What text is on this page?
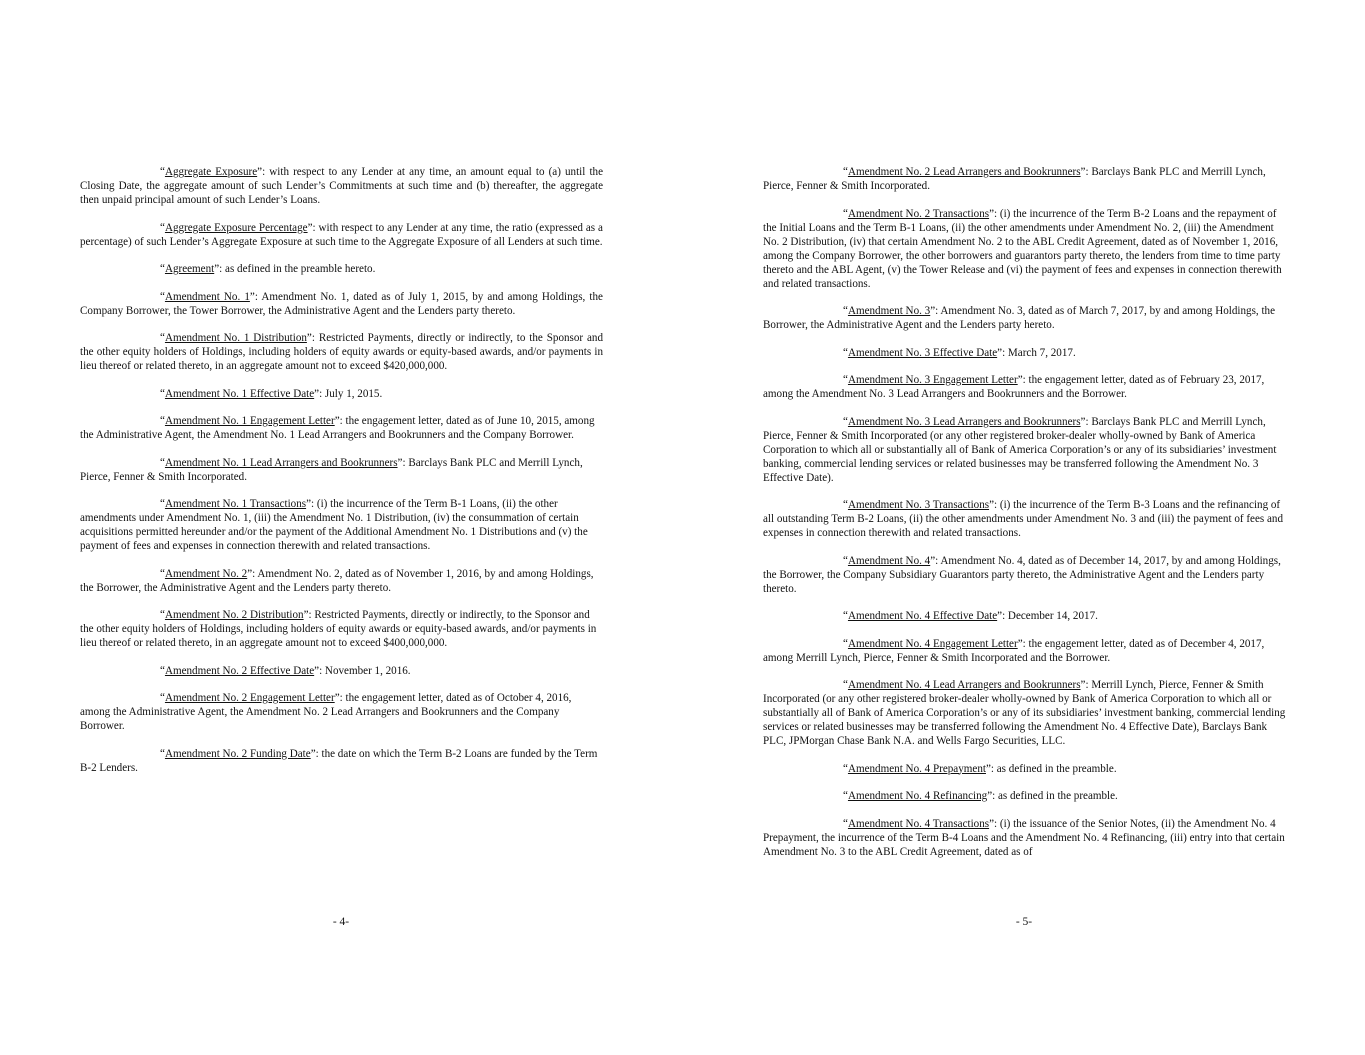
“Aggregate Exposure”: with respect to any Lender at any time, an amount equal to (a) until the Closing Date, the aggregate amount of such Lender’s Commitments at such time and (b) thereafter, the aggregate then unpaid principal amount of such Lender’s Loans.

“Aggregate Exposure Percentage”: with respect to any Lender at any time, the ratio (expressed as a percentage) of such Lender’s Aggregate Exposure at such time to the Aggregate Exposure of all Lenders at such time.

“Agreement”: as defined in the preamble hereto.

“Amendment No. 1”: Amendment No. 1, dated as of July 1, 2015, by and among Holdings, the Company Borrower, the Tower Borrower, the Administrative Agent and the Lenders party thereto.

“Amendment No. 1 Distribution”: Restricted Payments, directly or indirectly, to the Sponsor and the other equity holders of Holdings, including holders of equity awards or equity-based awards, and/or payments in lieu thereof or related thereto, in an aggregate amount not to exceed $420,000,000.

“Amendment No. 1 Effective Date”: July 1, 2015.

“Amendment No. 1 Engagement Letter”: the engagement letter, dated as of June 10, 2015, among the Administrative Agent, the Amendment No. 1 Lead Arrangers and Bookrunners and the Company Borrower.

“Amendment No. 1 Lead Arrangers and Bookrunners”: Barclays Bank PLC and Merrill Lynch, Pierce, Fenner & Smith Incorporated.

“Amendment No. 1 Transactions”: (i) the incurrence of the Term B-1 Loans, (ii) the other amendments under Amendment No. 1, (iii) the Amendment No. 1 Distribution, (iv) the consummation of certain acquisitions permitted hereunder and/or the payment of the Additional Amendment No. 1 Distributions and (v) the payment of fees and expenses in connection therewith and related transactions.

“Amendment No. 2”: Amendment No. 2, dated as of November 1, 2016, by and among Holdings, the Borrower, the Administrative Agent and the Lenders party thereto.

“Amendment No. 2 Distribution”: Restricted Payments, directly or indirectly, to the Sponsor and the other equity holders of Holdings, including holders of equity awards or equity-based awards, and/or payments in lieu thereof or related thereto, in an aggregate amount not to exceed $400,000,000.

“Amendment No. 2 Effective Date”: November 1, 2016.

“Amendment No. 2 Engagement Letter”: the engagement letter, dated as of October 4, 2016, among the Administrative Agent, the Amendment No. 2 Lead Arrangers and Bookrunners and the Company Borrower.

“Amendment No. 2 Funding Date”: the date on which the Term B-2 Loans are funded by the Term B-2 Lenders.

- 4-

“Amendment No. 2 Lead Arrangers and Bookrunners”: Barclays Bank PLC and Merrill Lynch, Pierce, Fenner & Smith Incorporated.

“Amendment No. 2 Transactions”: (i) the incurrence of the Term B-2 Loans and the repayment of the Initial Loans and the Term B-1 Loans, (ii) the other amendments under Amendment No. 2, (iii) the Amendment No. 2 Distribution, (iv) that certain Amendment No. 2 to the ABL Credit Agreement, dated as of November 1, 2016, among the Company Borrower, the other borrowers and guarantors party thereto, the lenders from time to time party thereto and the ABL Agent, (v) the Tower Release and (vi) the payment of fees and expenses in connection therewith and related transactions.

“Amendment No. 3”: Amendment No. 3, dated as of March 7, 2017, by and among Holdings, the Borrower, the Administrative Agent and the Lenders party hereto.

“Amendment No. 3 Effective Date”: March 7, 2017.

“Amendment No. 3 Engagement Letter”: the engagement letter, dated as of February 23, 2017, among the Amendment No. 3 Lead Arrangers and Bookrunners and the Borrower.

“Amendment No. 3 Lead Arrangers and Bookrunners”: Barclays Bank PLC and Merrill Lynch, Pierce, Fenner & Smith Incorporated (or any other registered broker-dealer wholly-owned by Bank of America Corporation to which all or substantially all of Bank of America Corporation’s or any of its subsidiaries’ investment banking, commercial lending services or related businesses may be transferred following the Amendment No. 3 Effective Date).

“Amendment No. 3 Transactions”: (i) the incurrence of the Term B-3 Loans and the refinancing of all outstanding Term B-2 Loans, (ii) the other amendments under Amendment No. 3 and (iii) the payment of fees and expenses in connection therewith and related transactions.

“Amendment No. 4”: Amendment No. 4, dated as of December 14, 2017, by and among Holdings, the Borrower, the Company Subsidiary Guarantors party thereto, the Administrative Agent and the Lenders party thereto.

“Amendment No. 4 Effective Date”: December 14, 2017.

“Amendment No. 4 Engagement Letter”: the engagement letter, dated as of December 4, 2017, among Merrill Lynch, Pierce, Fenner & Smith Incorporated and the Borrower.

“Amendment No. 4 Lead Arrangers and Bookrunners”: Merrill Lynch, Pierce, Fenner & Smith Incorporated (or any other registered broker-dealer wholly-owned by Bank of America Corporation to which all or substantially all of Bank of America Corporation’s or any of its subsidiaries’ investment banking, commercial lending services or related businesses may be transferred following the Amendment No. 4 Effective Date), Barclays Bank PLC, JPMorgan Chase Bank N.A. and Wells Fargo Securities, LLC.

“Amendment No. 4 Prepayment”: as defined in the preamble.

“Amendment No. 4 Refinancing”: as defined in the preamble.

“Amendment No. 4 Transactions”: (i) the issuance of the Senior Notes, (ii) the Amendment No. 4 Prepayment, the incurrence of the Term B-4 Loans and the Amendment No. 4 Refinancing, (iii) entry into that certain Amendment No. 3 to the ABL Credit Agreement, dated as of

- 5-
